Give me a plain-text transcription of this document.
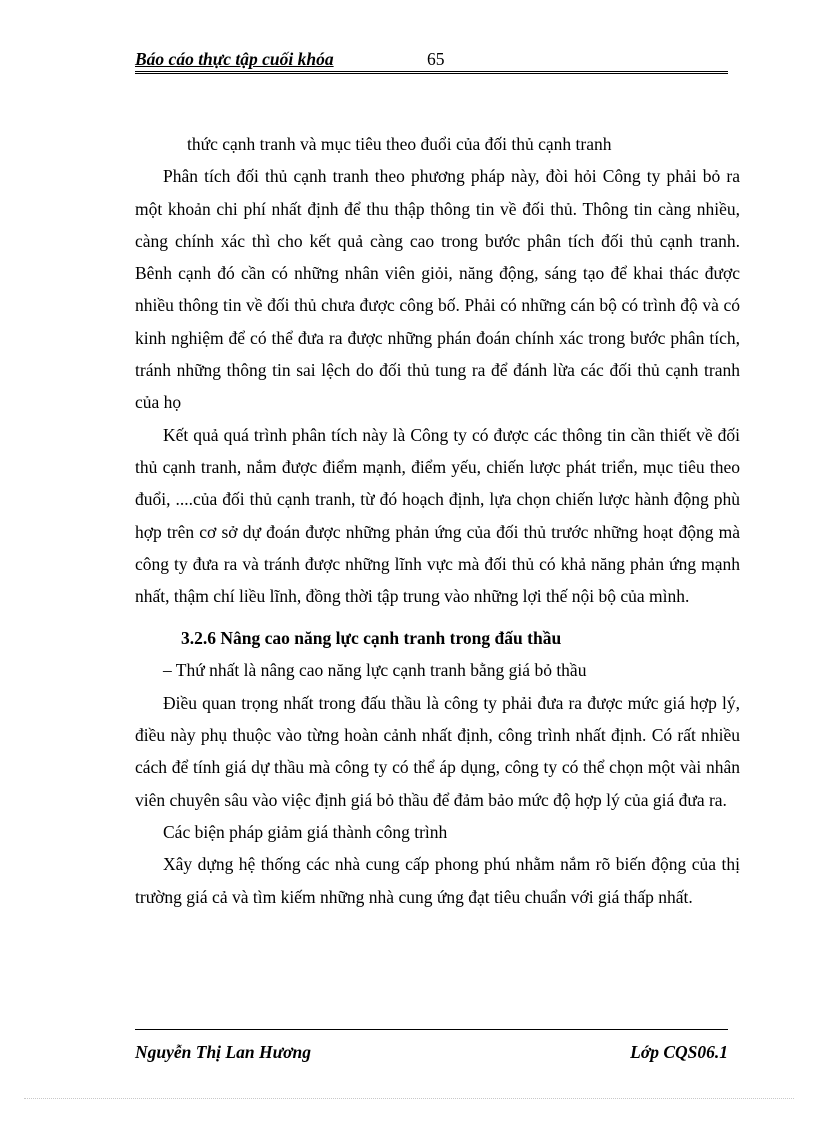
Báo cáo thực tập cuối khóa	65

thức cạnh tranh và mục tiêu theo đuổi của đối thủ cạnh tranh

Phân tích đối thủ cạnh tranh theo phương pháp này, đòi hỏi Công ty phải bỏ ra một khoản chi phí nhất định để thu thập thông tin về đối thủ. Thông tin càng nhiều, càng chính xác thì cho kết quả càng cao trong bước phân tích đối thủ cạnh tranh. Bênh cạnh đó cần có những nhân viên giỏi, năng động, sáng tạo để khai thác được nhiều thông tin về đối thủ chưa được công bố. Phải có những cán bộ có trình độ và có kinh nghiệm để có thể đưa ra được những phán đoán chính xác trong bước phân tích, tránh những thông tin sai lệch do đối thủ tung ra để đánh lừa các đối thủ cạnh tranh của họ

Kết quả quá trình phân tích này là Công ty có được các thông tin cần thiết về đối thủ cạnh tranh, nắm được điểm mạnh, điểm yếu, chiến lược phát triển, mục tiêu theo đuổi, ....của đối thủ cạnh tranh, từ đó hoạch định, lựa chọn chiến lược hành động phù hợp trên cơ sở dự đoán được những phản ứng của đối thủ trước những hoạt động mà công ty đưa ra và tránh được những lĩnh vực mà đối thủ có khả năng phản ứng mạnh nhất, thậm chí liều lĩnh, đồng thời tập trung vào những lợi thế nội bộ của mình.

3.2.6 Nâng cao năng lực cạnh tranh trong đấu thầu

– Thứ nhất là nâng cao năng lực cạnh tranh bằng giá bỏ thầu

Điều quan trọng nhất trong đấu thầu là công ty phải đưa ra được mức giá hợp lý, điều này phụ thuộc vào từng hoàn cảnh nhất định, công trình nhất định. Có rất nhiều cách để tính giá dự thầu mà công ty có thể áp dụng, công ty có thể chọn một vài nhân viên chuyên sâu vào việc định giá bỏ thầu để đảm bảo mức độ hợp lý của giá đưa ra.

Các biện pháp giảm giá thành công trình

Xây dựng hệ thống các nhà cung cấp phong phú nhằm nắm rõ biến động của thị trường giá cả và tìm kiếm những nhà cung ứng đạt tiêu chuẩn với giá thấp nhất.

Nguyễn Thị Lan Hương	Lớp CQS06.1
